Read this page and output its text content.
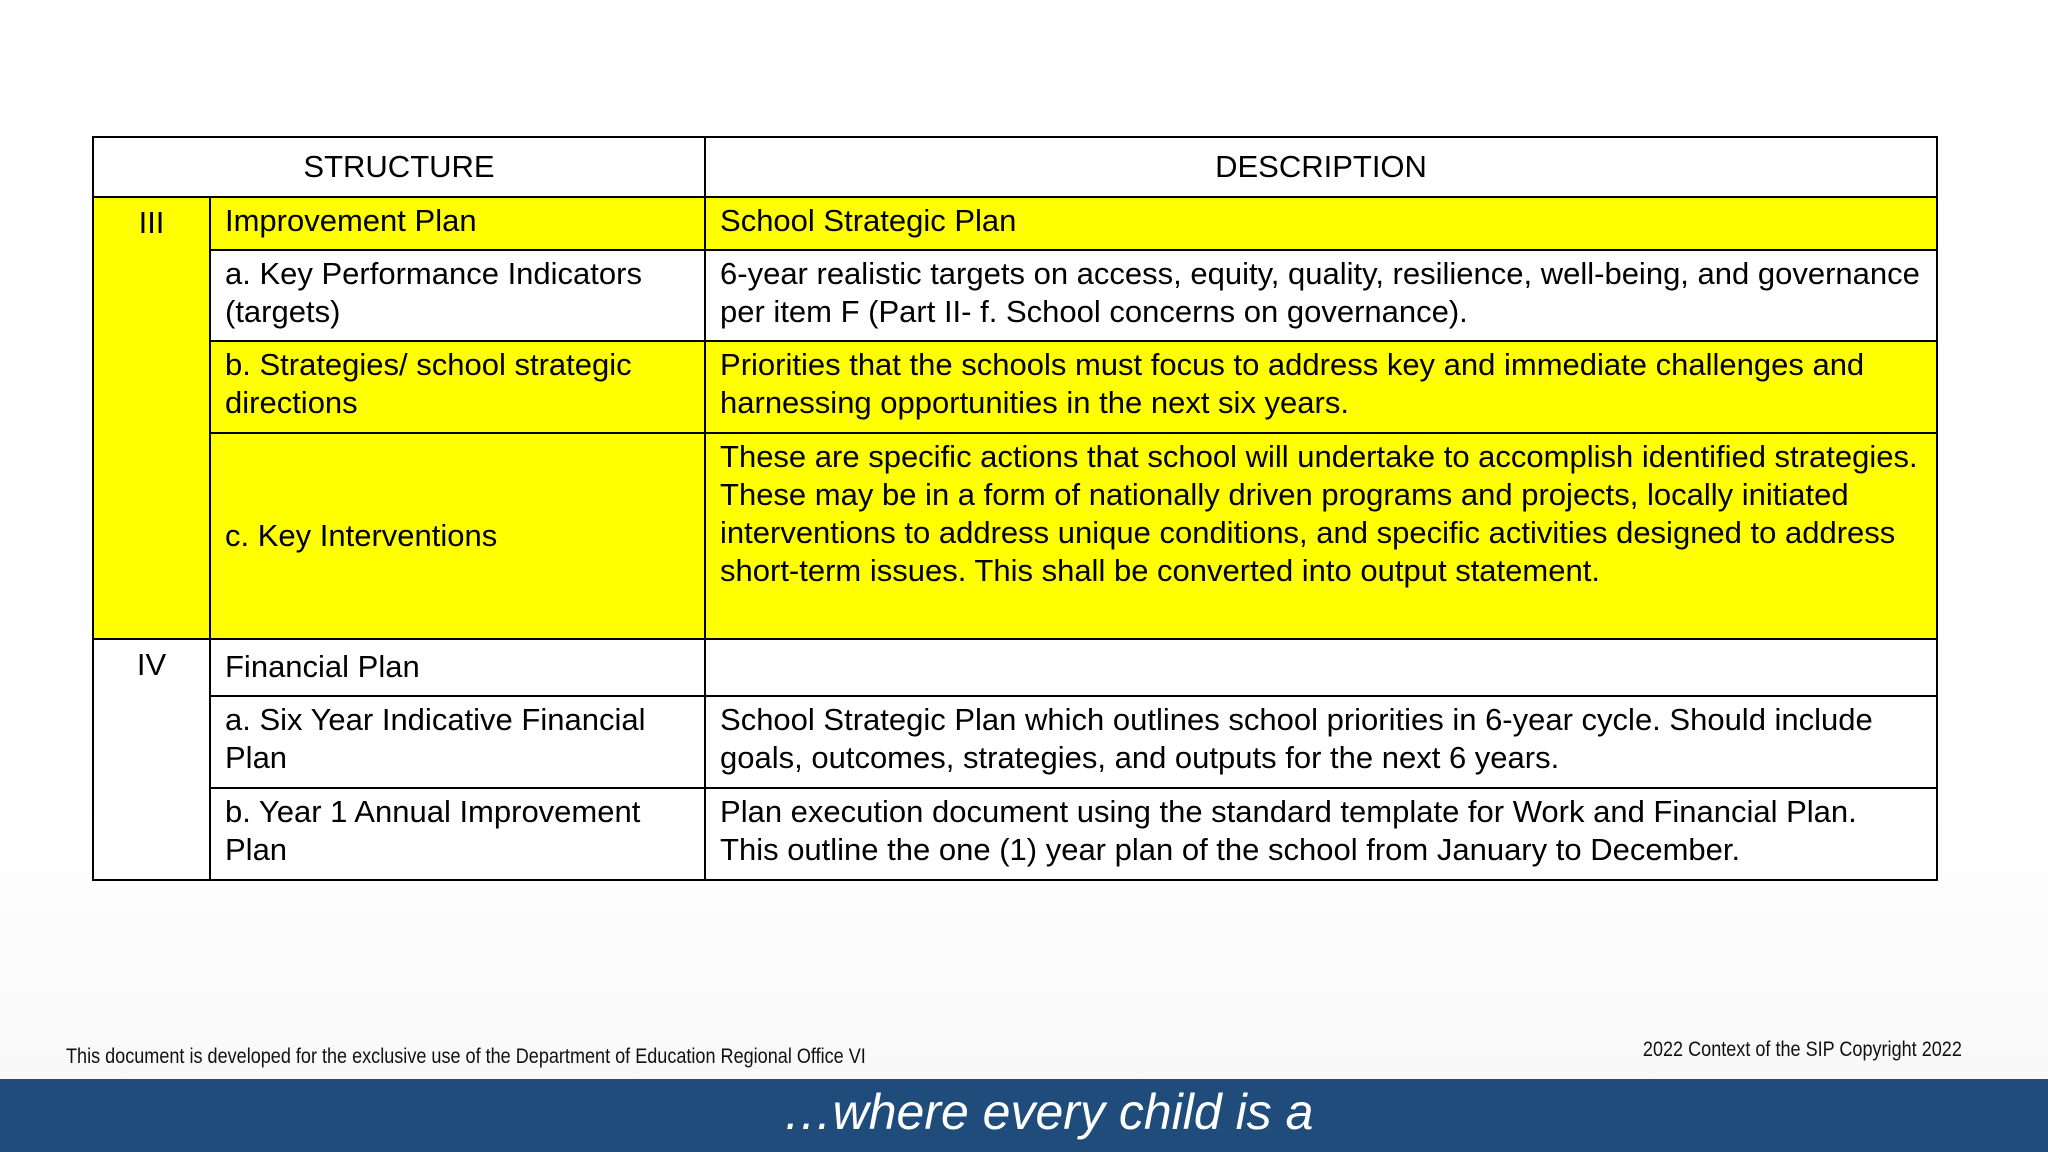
STRUCTURE		DESCRIPTION
III	Improvement Plan	School Strategic Plan
	a. Key Performance Indicators (targets)	6-year realistic targets on access, equity, quality, resilience, well-being, and governance per item F (Part II- f. School concerns on governance).
	b. Strategies/ school strategic directions	Priorities that the schools must focus to address key and immediate challenges and harnessing opportunities in the next six years.
	c. Key Interventions	These are specific actions that school will undertake to accomplish identified strategies. These may be in a form of nationally driven programs and projects, locally initiated interventions to address unique conditions, and specific activities designed to address short-term issues. This shall be converted into output statement.
IV	Financial Plan	
	a. Six Year Indicative Financial Plan	School Strategic Plan which outlines school priorities in 6-year cycle. Should include goals, outcomes, strategies, and outputs for the next 6 years.
	b. Year 1 Annual Improvement Plan	Plan execution document using the standard template for Work and Financial Plan. This outline the one (1) year plan of the school from January to December.
This document is developed for the exclusive use of the Department of Education Regional Office VI	2022 Context of the SIP Copyright 2022
…where every child is a
